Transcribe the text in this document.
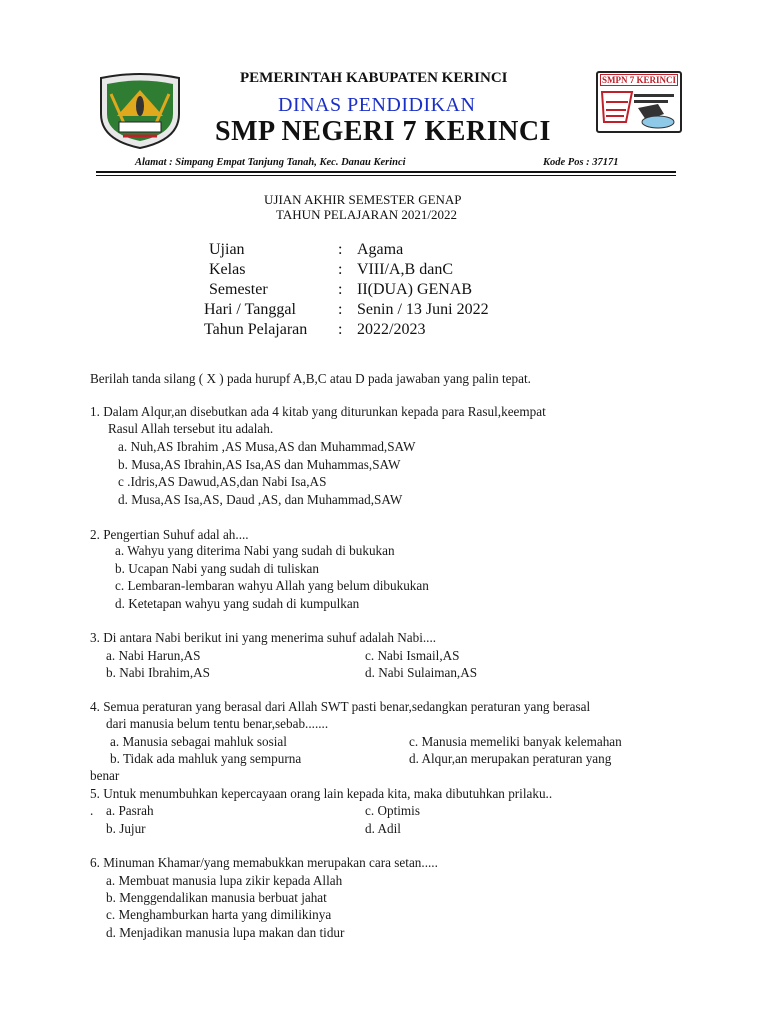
PEMERINTAH KABUPATEN KERINCI
DINAS PENDIDIKAN
SMP NEGERI 7 KERINCI
SMPN 7 KERINCI
Alamat : Simpang Empat Tanjung Tanah, Kec. Danau Kerinci	Kode Pos : 37171
UJIAN AKHIR SEMESTER GENAP
TAHUN PELAJARAN 2021/2022
Ujian	: Agama
Kelas	: VIII/A,B danC
Semester	: II(DUA) GENAB
Hari / Tanggal	: Senin / 13 Juni 2022
Tahun Pelajaran : 2022/2023
Berilah tanda silang ( X ) pada hurupf A,B,C atau D pada jawaban yang palin tepat.
1. Dalam Alqur,an disebutkan ada 4 kitab yang diturunkan kepada para Rasul,keempat
Rasul Allah tersebut itu adalah.
a. Nuh,AS Ibrahim ,AS Musa,AS dan Muhammad,SAW
b. Musa,AS Ibrahin,AS Isa,AS dan Muhammas,SAW
c .Idris,AS Dawud,AS,dan Nabi Isa,AS
d. Musa,AS Isa,AS, Daud ,AS, dan Muhammad,SAW
2. Pengertian Suhuf adal ah....
a. Wahyu yang diterima Nabi yang sudah di bukukan
b. Ucapan Nabi yang sudah di tuliskan
c. Lembaran-lembaran wahyu Allah yang belum dibukukan
d. Ketetapan wahyu yang sudah di kumpulkan
3. Di antara Nabi berikut ini yang menerima suhuf adalah Nabi....
a. Nabi Harun,AS
b. Nabi Ibrahim,AS
c. Nabi Ismail,AS
d. Nabi Sulaiman,AS
4. Semua peraturan yang berasal dari Allah SWT pasti benar,sedangkan peraturan yang berasal
dari manusia belum tentu benar,sebab.......
a. Manusia sebagai mahluk sosial
b. Tidak ada mahluk yang sempurna
c. Manusia memeliki banyak kelemahan
d. Alqur,an merupakan peraturan yang
benar
5. Untuk menumbuhkan kepercayaan orang lain kepada kita, maka dibutuhkan prilaku..
. a. Pasrah
b. Jujur
c. Optimis
d. Adil
6. Minuman Khamar/yang memabukkan merupakan cara setan.....
a. Membuat manusia lupa zikir kepada Allah
b. Menggendalikan manusia berbuat jahat
c. Menghamburkan harta yang dimilikinya
d. Menjadikan manusia lupa makan dan tidur
